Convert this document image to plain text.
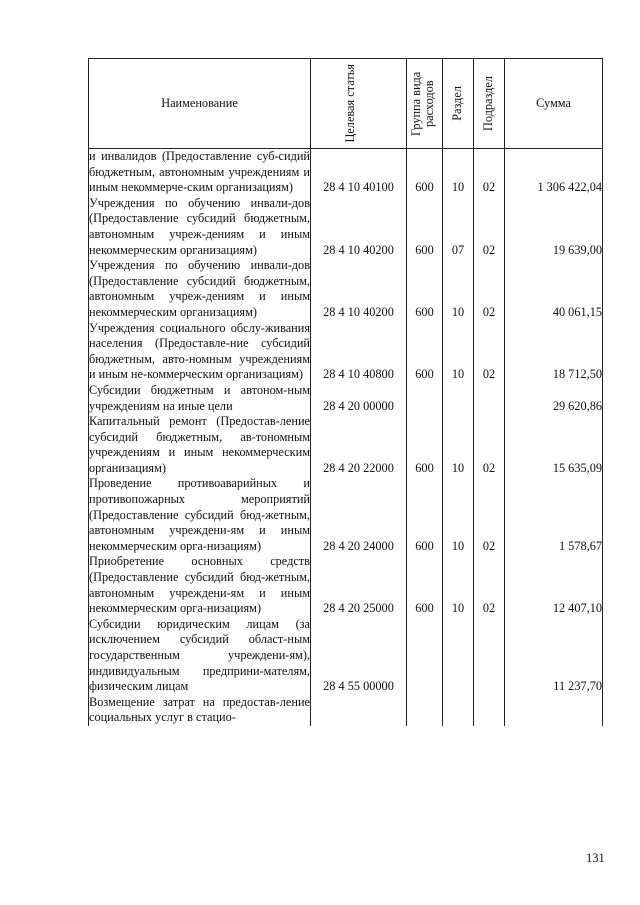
Наименование	Целевая статья	Группа вида расходов	Раздел	Подраздел	Сумма

и инвалидов (Предоставление суб-сидий бюджетным, автономным учреждениям и иным некоммерче-ским организациям)	28 4 10 40100	600	10	02	1 306 422,04
Учреждения по обучению инвали-дов (Предоставление субсидий бюджетным, автономным учреж-дениям и иным некоммерческим организациям)	28 4 10 40200	600	07	02	19 639,00
Учреждения по обучению инвали-дов (Предоставление субсидий бюджетным, автономным учреж-дениям и иным некоммерческим организациям)	28 4 10 40200	600	10	02	40 061,15
Учреждения социального обслу-живания населения (Предоставле-ние субсидий бюджетным, авто-номным учреждениям и иным не-коммерческим организациям)	28 4 10 40800	600	10	02	18 712,50
Субсидии бюджетным и автоном-ным учреждениям на иные цели	28 4 20 00000				29 620,86
Капитальный ремонт (Предостав-ление субсидий бюджетным, ав-тономным учреждениям и иным некоммерческим организациям)	28 4 20 22000	600	10	02	15 635,09
Проведение противоаварийных и противопожарных мероприятий (Предоставление субсидий бюд-жетным, автономным учреждени-ям и иным некоммерческим орга-низациям)	28 4 20 24000	600	10	02	1 578,67
Приобретение основных средств (Предоставление субсидий бюд-жетным, автономным учреждени-ям и иным некоммерческим орга-низациям)	28 4 20 25000	600	10	02	12 407,10
Субсидии юридическим лицам (за исключением субсидий област-ным государственным учреждени-ям), индивидуальным предприни-мателям, физическим лицам	28 4 55 00000				11 237,70
Возмещение затрат на предостав-ление социальных услуг в стацио-					
131
